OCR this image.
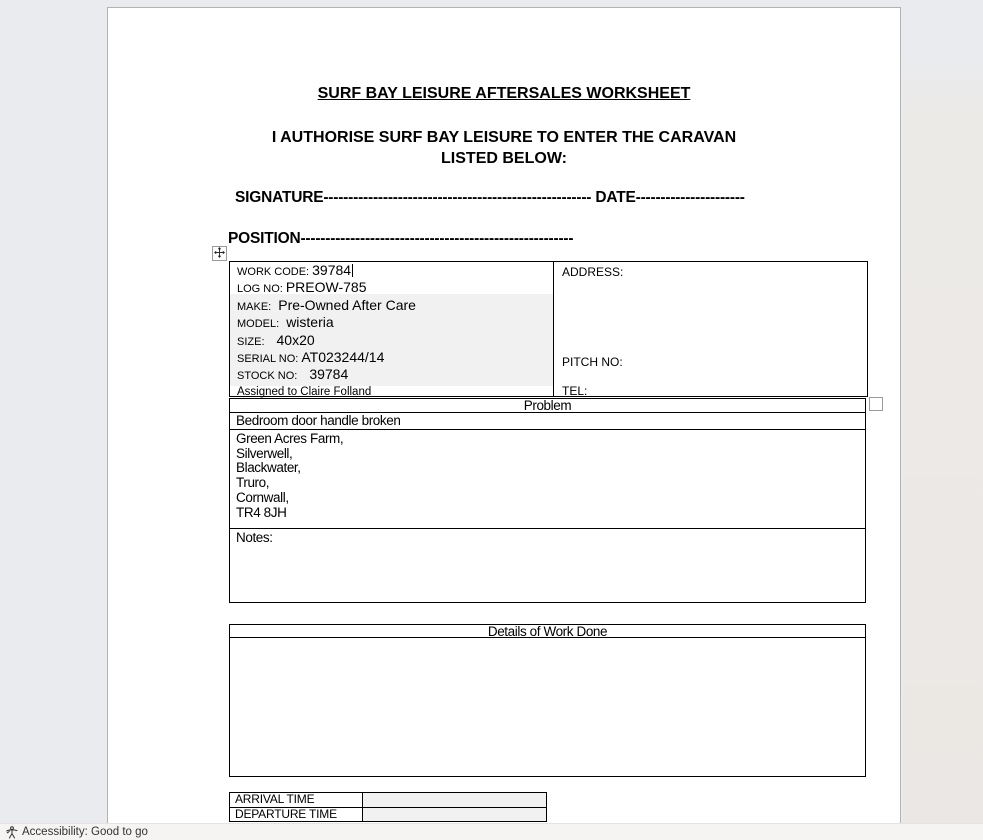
SURF BAY LEISURE AFTERSALES WORKSHEET
I AUTHORISE SURF BAY LEISURE TO ENTER THE CARAVAN
LISTED BELOW:
SIGNATURE------------------------------------------------------ DATE----------------------
POSITION-------------------------------------------------------
WORK CODE: 39784
LOG NO: PREOW-785
MAKE: Pre-Owned After Care
MODEL: wisteria
SIZE: 40x20
SERIAL NO: AT023244/14
STOCK NO: 39784
Assigned to Claire Folland
ADDRESS:
PITCH NO:
TEL:
Problem
Bedroom door handle broken
Green Acres Farm,
Silverwell,
Blackwater,
Truro,
Cornwall,
TR4 8JH
Notes:
Details of Work Done
ARRIVAL TIME
DEPARTURE TIME
Accessibility: Good to go
